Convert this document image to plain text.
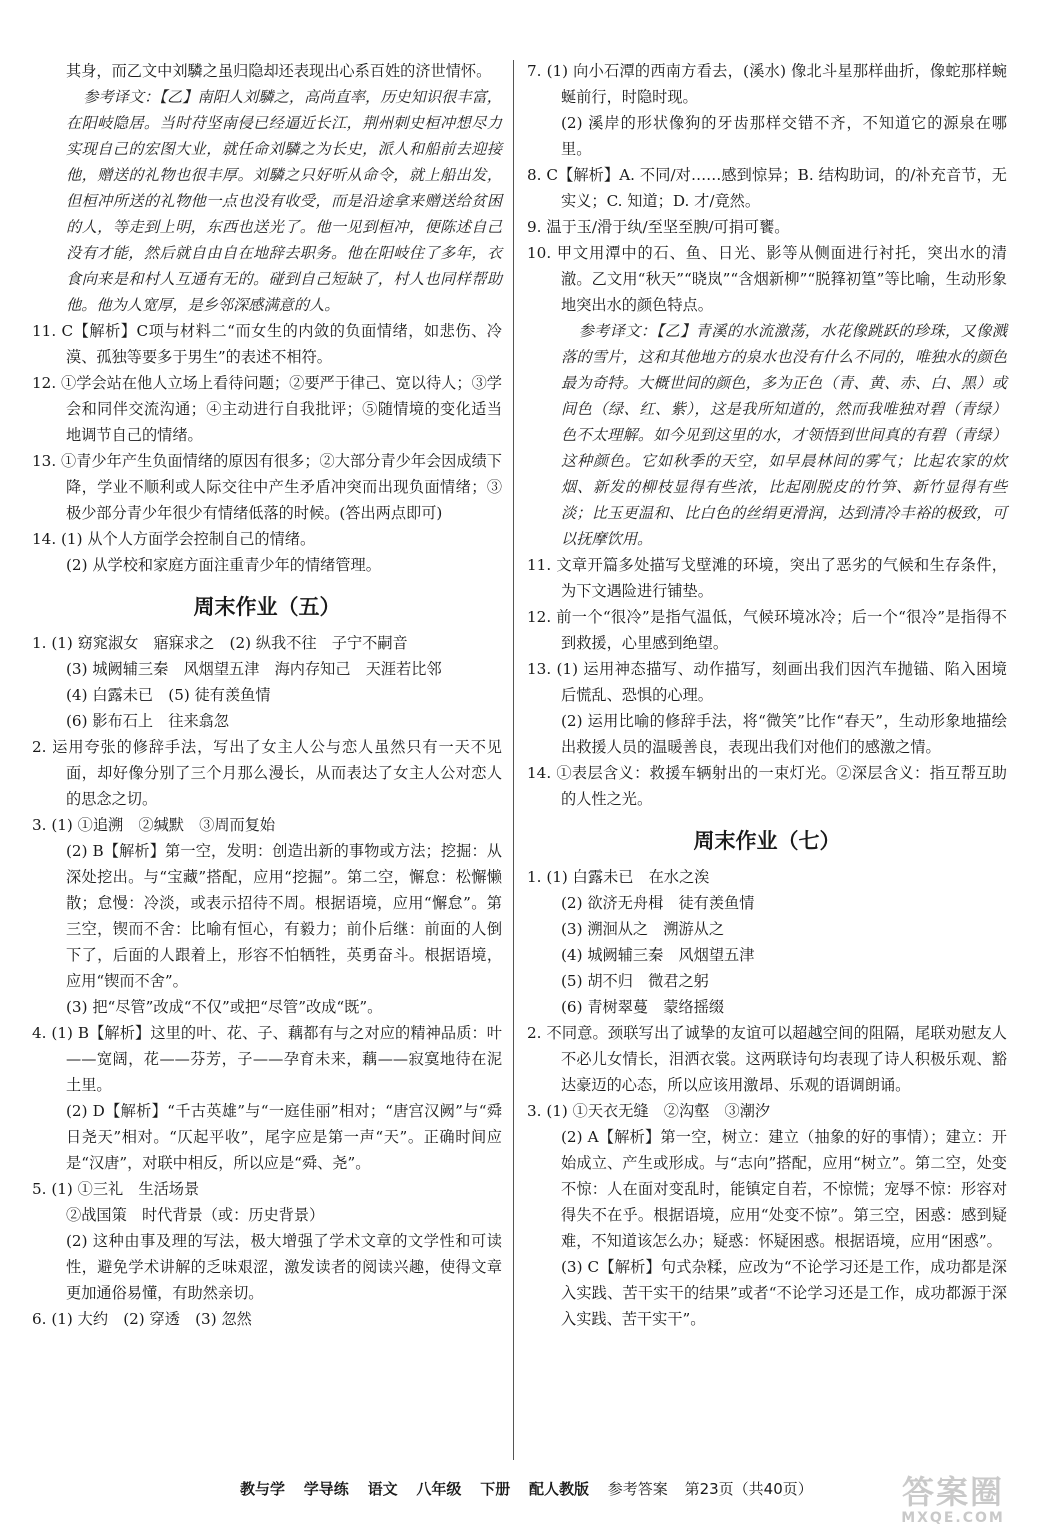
其身，而乙文中刘驎之虽归隐却还表现出心系百姓的济世情怀。

　参考译文：【乙】南阳人刘驎之，高尚直率，历史知识很丰富，在阳岐隐居。当时苻坚南侵已经逼近长江，荆州刺史桓冲想尽力实现自己的宏图大业，就任命刘驎之为长史，派人和船前去迎接他，赠送的礼物也很丰厚。刘驎之只好听从命令，就上船出发，但桓冲所送的礼物他一点也没有收受，而是沿途拿来赠送给贫困的人，等走到上明，东西也送光了。他一见到桓冲，便陈述自己没有才能，然后就自由自在地辞去职务。他在阳岐住了多年，衣食向来是和村人互通有无的。碰到自己短缺了，村人也同样帮助他。他为人宽厚，是乡邻深感满意的人。

11. C【解析】C项与材料二“而女生的内敛的负面情绪，如悲伤、冷漠、孤独等要多于男生”的表述不相符。

12. ①学会站在他人立场上看待问题；②要严于律己、宽以待人；③学会和同伴交流沟通；④主动进行自我批评；⑤随情境的变化适当地调节自己的情绪。

13. ①青少年产生负面情绪的原因有很多；②大部分青少年会因成绩下降，学业不顺利或人际交往中产生矛盾冲突而出现负面情绪；③极少部分青少年很少有情绪低落的时候。(答出两点即可)

14. (1) 从个人方面学会控制自己的情绪。

(2) 从学校和家庭方面注重青少年的情绪管理。

周末作业（五）

1. (1) 窈窕淑女　寤寐求之　(2) 纵我不往　子宁不嗣音

(3) 城阙辅三秦　风烟望五津　海内存知己　天涯若比邻

(4) 白露未已　(5) 徒有羡鱼情

(6) 影布石上　往来翕忽

2. 运用夸张的修辞手法，写出了女主人公与恋人虽然只有一天不见面，却好像分别了三个月那么漫长，从而表达了女主人公对恋人的思念之切。

3. (1) ①追溯　②缄默　③周而复始

(2) B【解析】第一空，发明：创造出新的事物或方法；挖掘：从深处挖出。与“宝藏”搭配，应用“挖掘”。第二空，懈怠：松懈懒散；怠慢：冷淡，或表示招待不周。根据语境，应用“懈怠”。第三空，锲而不舍：比喻有恒心，有毅力；前仆后继：前面的人倒下了，后面的人跟着上，形容不怕牺牲，英勇奋斗。根据语境，应用“锲而不舍”。

(3) 把“尽管”改成“不仅”或把“尽管”改成“既”。

4. (1) B【解析】这里的叶、花、子、藕都有与之对应的精神品质：叶——宽阔，花——芬芳，子——孕育未来，藕——寂寞地待在泥土里。

(2) D【解析】“千古英雄”与“一庭佳丽”相对；“唐宫汉阙”与“舜日尧天”相对。“仄起平收”，尾字应是第一声“天”。正确时间应是“汉唐”，对联中相反，所以应是“舜、尧”。

5. (1) ①三礼　生活场景

②战国策　时代背景（或：历史背景）

(2) 这种由事及理的写法，极大增强了学术文章的文学性和可读性，避免学术讲解的乏味艰涩，激发读者的阅读兴趣，使得文章更加通俗易懂，有助然亲切。

6. (1) 大约　(2) 穿透　(3) 忽然

7. (1) 向小石潭的西南方看去，(溪水) 像北斗星那样曲折，像蛇那样蜿蜒前行，时隐时现。

(2) 溪岸的形状像狗的牙齿那样交错不齐，不知道它的源泉在哪里。

8. C【解析】A. 不同/对……感到惊异；B. 结构助词，的/补充音节，无实义；C. 知道；D. 才/竟然。

9. 温于玉/滑于纨/至坚至腴/可捐可饔。

10. 甲文用潭中的石、鱼、日光、影等从侧面进行衬托，突出水的清澈。乙文用“秋天”“晓岚”“含烟新柳”“脱箨初篁”等比喻，生动形象地突出水的颜色特点。

　参考译文：【乙】青溪的水流激荡，水花像跳跃的珍珠，又像溅落的雪片，这和其他地方的泉水也没有什么不同的，唯独水的颜色最为奇特。大概世间的颜色，多为正色（青、黄、赤、白、黑）或间色（绿、红、紫），这是我所知道的，然而我唯独对碧（青绿）色不太理解。如今见到这里的水，才领悟到世间真的有碧（青绿）这种颜色。它如秋季的天空，如早晨林间的雾气；比起农家的炊烟、新发的柳枝显得有些浓，比起刚脱皮的竹笋、新竹显得有些淡；比玉更温和、比白色的丝绢更滑润，达到清冷丰裕的极致，可以抚摩饮用。

11. 文章开篇多处描写戈壁滩的环境，突出了恶劣的气候和生存条件，为下文遇险进行铺垫。

12. 前一个“很冷”是指气温低，气候环境冰冷；后一个“很冷”是指得不到救援，心里感到绝望。

13. (1) 运用神态描写、动作描写，刻画出我们因汽车抛锚、陷入困境后慌乱、恐惧的心理。

(2) 运用比喻的修辞手法，将“微笑”比作“春天”，生动形象地描绘出救援人员的温暖善良，表现出我们对他们的感激之情。

14. ①表层含义：救援车辆射出的一束灯光。②深层含义：指互帮互助的人性之光。

周末作业（七）

1. (1) 白露未已　在水之涘

(2) 欲济无舟楫　徒有羡鱼情

(3) 溯洄从之　溯游从之

(4) 城阙辅三秦　风烟望五津

(5) 胡不归　微君之躬

(6) 青树翠蔓　蒙络摇缀

2. 不同意。颈联写出了诚挚的友谊可以超越空间的阻隔，尾联劝慰友人不必儿女情长，泪洒衣裳。这两联诗句均表现了诗人积极乐观、豁达豪迈的心态，所以应该用激昂、乐观的语调朗诵。

3. (1) ①天衣无缝　②沟壑　③潮汐

(2) A【解析】第一空，树立：建立（抽象的好的事情）；建立：开始成立、产生或形成。与“志向”搭配，应用“树立”。第二空，处变不惊：人在面对变乱时，能镇定自若，不惊慌；宠辱不惊：形容对得失不在乎。根据语境，应用“处变不惊”。第三空，困惑：感到疑难，不知道该怎么办；疑惑：怀疑困惑。根据语境，应用“困惑”。

(3) C【解析】句式杂糅，应改为“不论学习还是工作，成功都是深入实践、苦干实干的结果”或者“不论学习还是工作，成功都源于深入实践、苦干实干”。

教与学 学导练 语文 八年级 下册 配人教版 参考答案 第23页（共40页）	答案圈
MXQE.COM
